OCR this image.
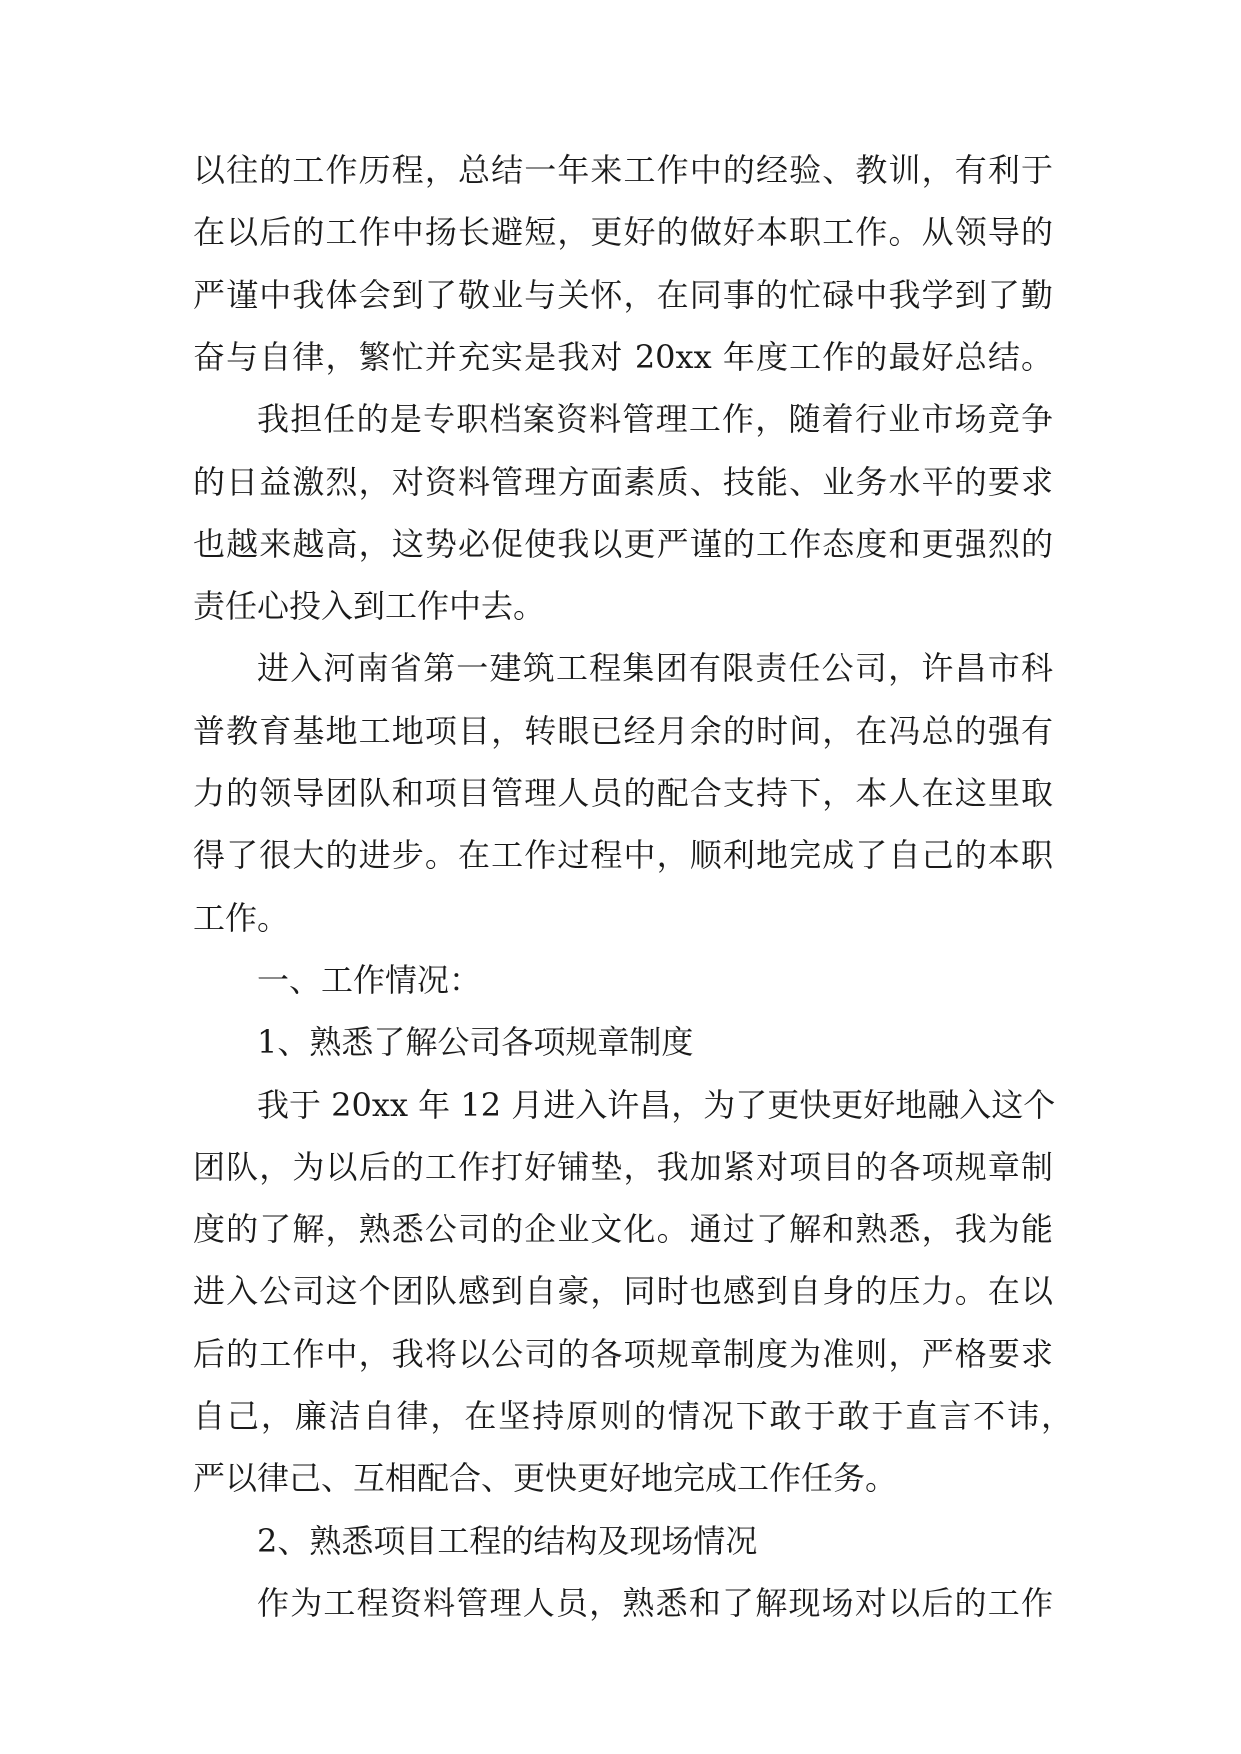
以往的工作历程，总结一年来工作中的经验、教训，有利于
在以后的工作中扬长避短，更好的做好本职工作。从领导的
严谨中我体会到了敬业与关怀，在同事的忙碌中我学到了勤
奋与自律，繁忙并充实是我对 20xx 年度工作的最好总结。
我担任的是专职档案资料管理工作，随着行业市场竞争
的日益激烈，对资料管理方面素质、技能、业务水平的要求
也越来越高，这势必促使我以更严谨的工作态度和更强烈的
责任心投入到工作中去。
进入河南省第一建筑工程集团有限责任公司，许昌市科
普教育基地工地项目，转眼已经月余的时间，在冯总的强有
力的领导团队和项目管理人员的配合支持下，本人在这里取
得了很大的进步。在工作过程中，顺利地完成了自己的本职
工作。
一、工作情况：
1、熟悉了解公司各项规章制度
我于 20xx 年 12 月进入许昌，为了更快更好地融入这个
团队，为以后的工作打好铺垫，我加紧对项目的各项规章制
度的了解，熟悉公司的企业文化。通过了解和熟悉，我为能
进入公司这个团队感到自豪，同时也感到自身的压力。在以
后的工作中，我将以公司的各项规章制度为准则，严格要求
自己，廉洁自律，在坚持原则的情况下敢于敢于直言不讳，
严以律己、互相配合、更快更好地完成工作任务。
2、熟悉项目工程的结构及现场情况
作为工程资料管理人员，熟悉和了解现场对以后的工作
